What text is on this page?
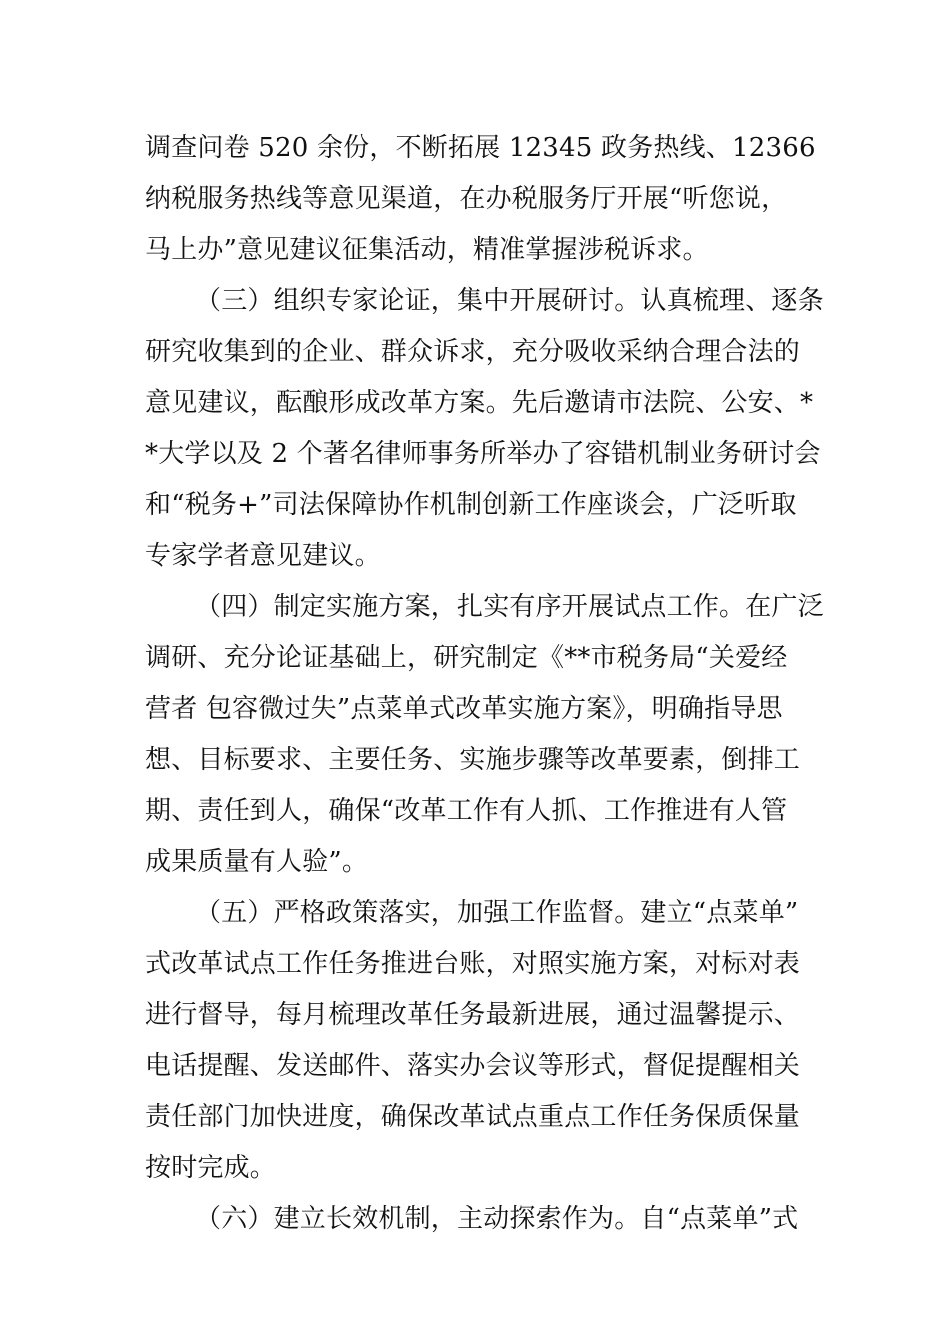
调查问卷 520 余份，不断拓展 12345 政务热线、12366
纳税服务热线等意见渠道，在办税服务厅开展“听您说，
马上办”意见建议征集活动，精准掌握涉税诉求。
（三）组织专家论证，集中开展研讨。认真梳理、逐条
研究收集到的企业、群众诉求，充分吸收采纳合理合法的
意见建议，酝酿形成改革方案。先后邀请市法院、公安、*
*大学以及 2 个著名律师事务所举办了容错机制业务研讨会
和“税务+”司法保障协作机制创新工作座谈会，广泛听取
专家学者意见建议。
（四）制定实施方案，扎实有序开展试点工作。在广泛
调研、充分论证基础上，研究制定《**市税务局“关爱经
营者 包容微过失”点菜单式改革实施方案》，明确指导思
想、目标要求、主要任务、实施步骤等改革要素，倒排工
期、责任到人，确保“改革工作有人抓、工作推进有人管
成果质量有人验”。
（五）严格政策落实，加强工作监督。建立“点菜单”
式改革试点工作任务推进台账，对照实施方案，对标对表
进行督导，每月梳理改革任务最新进展，通过温馨提示、
电话提醒、发送邮件、落实办会议等形式，督促提醒相关
责任部门加快进度，确保改革试点重点工作任务保质保量
按时完成。
（六）建立长效机制，主动探索作为。自“点菜单”式
